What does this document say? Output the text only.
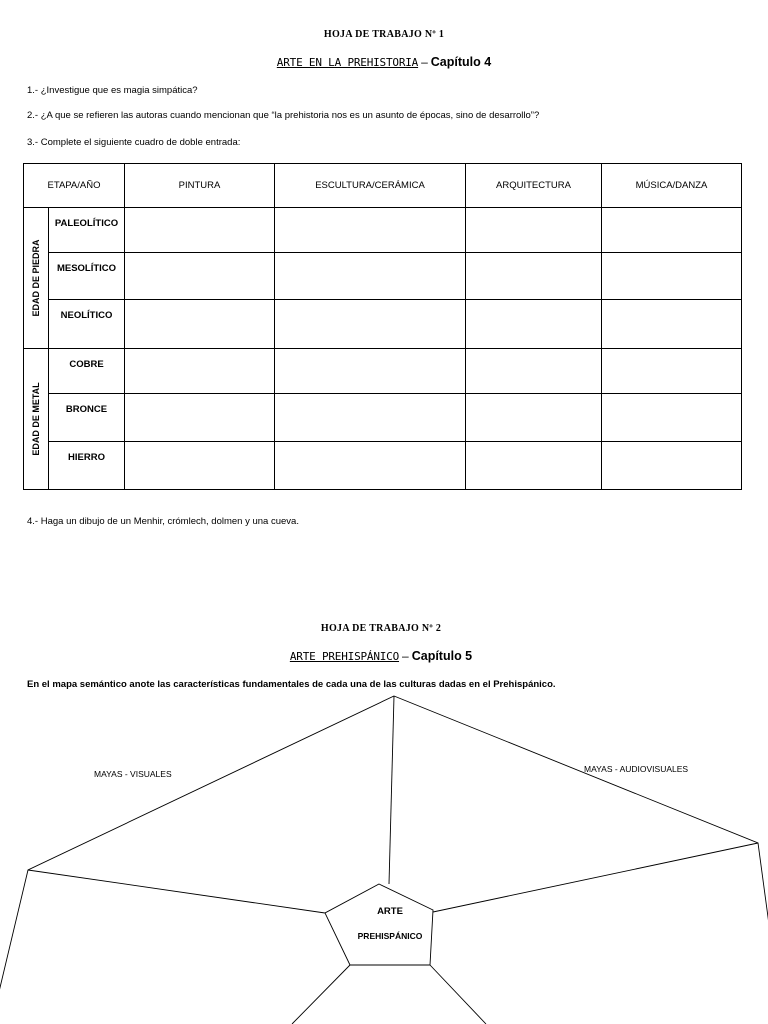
HOJA DE TRABAJO Nº 1
ARTE EN LA PREHISTORIA – Capítulo 4
1.- ¿Investigue que es magia simpática?
2.- ¿A que se refieren las autoras cuando mencionan que “la prehistoria nos es un asunto de épocas, sino de desarrollo”?
3.- Complete el siguiente cuadro de doble entrada:
ETAPA/AÑO		PINTURA	ESCULTURA/CERÁMICA	ARQUITECTURA	MÚSICA/DANZA

EDAD DE PIEDRA	PALEOLÍTICO				
	MESOLÍTICO				
	NEOLÍTICO				

EDAD DE METAL	COBRE				
	BRONCE				
	HIERRO				
4.- Haga un dibujo de un Menhir, crómlech, dolmen y una cueva.
HOJA DE TRABAJO Nº 2
ARTE PREHISPÁNICO – Capítulo 5
En el mapa semántico anote las características fundamentales de cada una de las culturas dadas en el Prehispánico.
MAYAS - VISUALES	MAYAS - AUDIOVISUALES
ARTE
PREHISPÁNICO
